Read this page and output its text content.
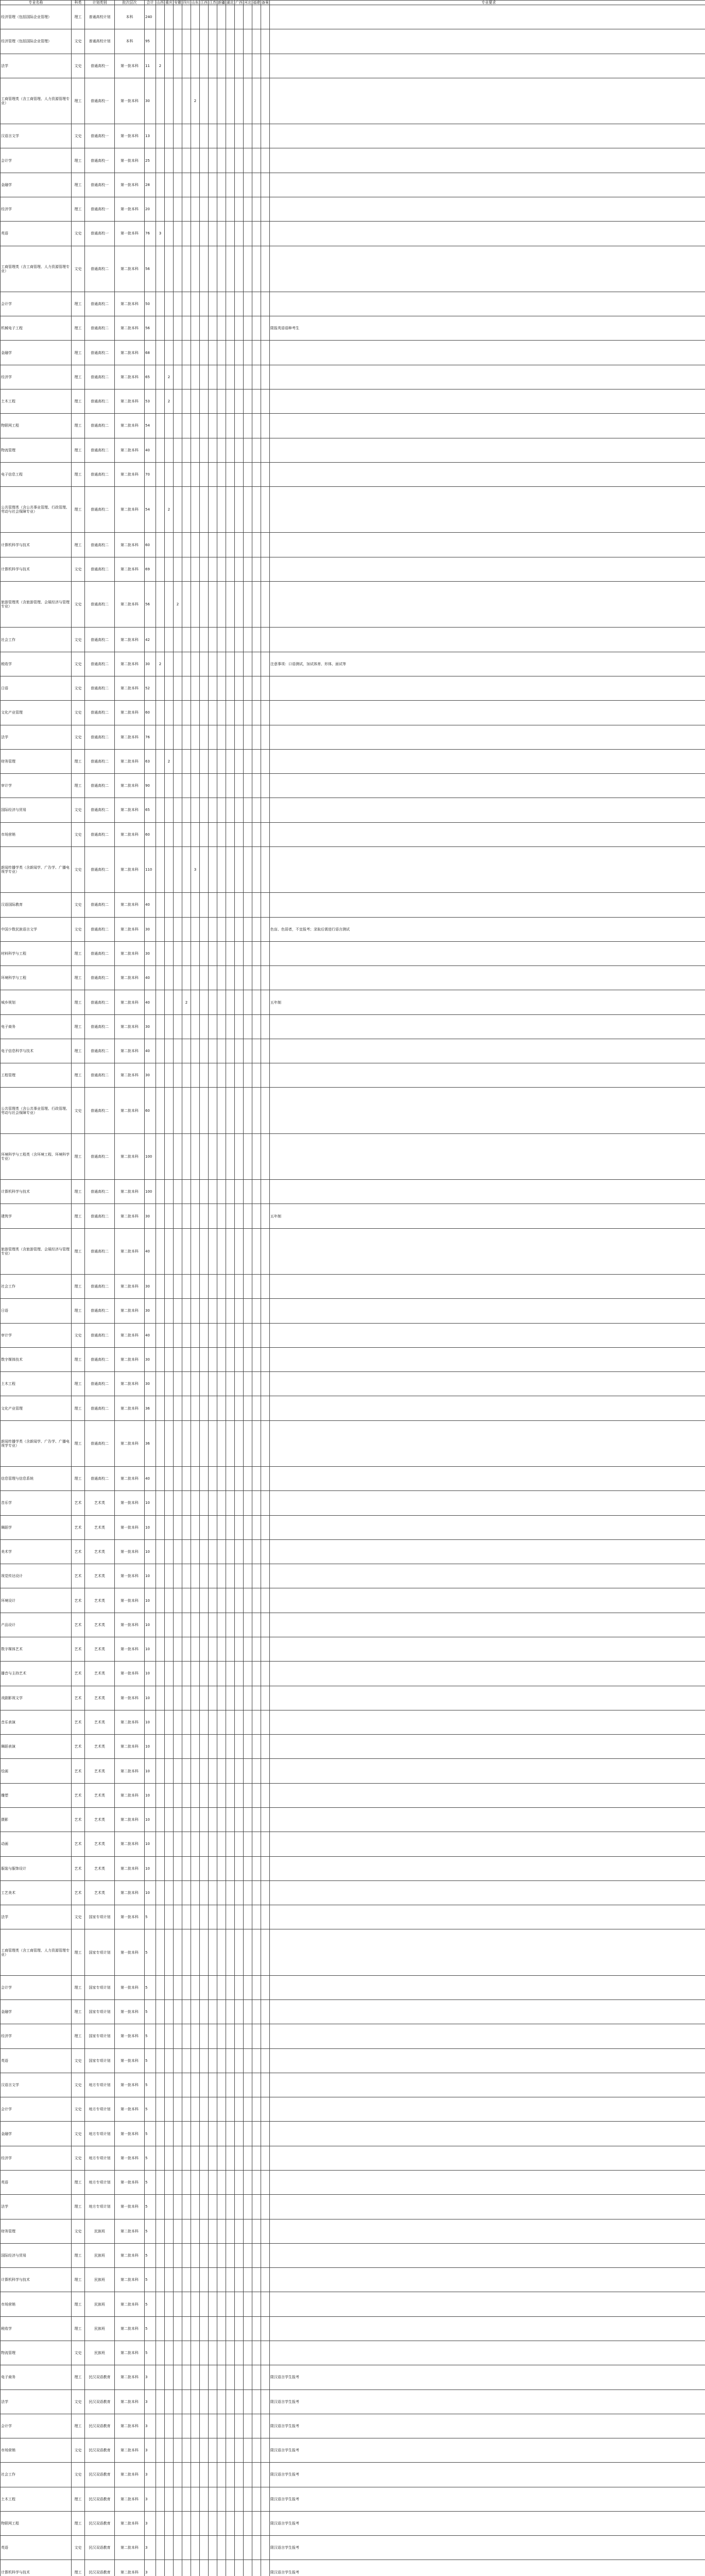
专业名称	科类	计划类别	批次层次	合计	山西	重庆	安徽	四川	山东	江西	江苏	新疆	湖北	广西	河北	福建	备案	专业要求
经济管理（包括国际企业管理）	理工	普通高校计划	本科	240														
经济管理（包括国际企业管理）	文史	普通高校计划	本科	95														
法学	文史	普通高校一	第一批本科	11	2													
工商管理类（含工商管理、人力资源管理专业）	理工	普通高校一	第一批本科	30					2									
汉语言文学	文史	普通高校一	第一批本科	13														
会计学	理工	普通高校一	第一批本科	25														
金融学	理工	普通高校一	第一批本科	28														
经济学	理工	普通高校一	第一批本科	20														
英语	文史	普通高校一	第一批本科	76	3													
工商管理类（含工商管理、人力资源管理专业）	文史	普通高校二	第二批本科	56														
会计学	理工	普通高校二	第二批本科	50														
机械电子工程	理工	普通高校二	第二批本科	56														限报英语语种考生
金融学	理工	普通高校二	第二批本科	68														
经济学	理工	普通高校二	第二批本科	65		2												
土木工程	理工	普通高校二	第二批本科	53		2												
物联网工程	理工	普通高校二	第二批本科	54														
物流管理	理工	普通高校二	第二批本科	40														
电子信息工程	理工	普通高校二	第二批本科	70														
公共管理类（含公共事业管理、行政管理、劳动与社会保障专业）	理工	普通高校二	第二批本科	54		2												
计算机科学与技术	理工	普通高校二	第二批本科	60														
计算机科学与技术	文史	普通高校二	第二批本科	69														
旅游管理类（含旅游管理、会展经济与管理专业）	文史	普通高校二	第二批本科	56			2											
社会工作	文史	普通高校二	第二批本科	42														
税收学	文史	普通高校二	第二批本科	30	2													注意事项：口语测试，加试体育、形体、面试等
日语	文史	普通高校二	第二批本科	52														
文化产业管理	文史	普通高校二	第二批本科	60														
法学	文史	普通高校二	第二批本科	76														
财务管理	理工	普通高校二	第二批本科	63		2												
审计学	理工	普通高校二	第二批本科	90														
国际经济与贸易	文史	普通高校二	第二批本科	65														
市场营销	文史	普通高校二	第二批本科	60														
新闻传播学类（含新闻学、广告学、广播电视学专业）	文史	普通高校二	第二批本科	110					3									
汉语国际教育	文史	普通高校二	第二批本科	40														
中国少数民族语言文学	文史	普通高校二	第二批本科	30														色盲、色弱者，不宜报考；录取后需进行语言测试
材料科学与工程	理工	普通高校二	第二批本科	30														
环境科学与工程	理工	普通高校二	第二批本科	40														
城乡规划	理工	普通高校二	第二批本科	40				2										五年制
电子商务	理工	普通高校二	第二批本科	30														
电子信息科学与技术	理工	普通高校二	第二批本科	40														
工程管理	理工	普通高校二	第二批本科	30														
公共管理类（含公共事业管理、行政管理、劳动与社会保障专业）	文史	普通高校二	第二批本科	60														
环境科学与工程类（含环境工程、环境科学专业）	理工	普通高校二	第二批本科	100														
计算机科学与技术	理工	普通高校二	第二批本科	100														
建筑学	理工	普通高校二	第二批本科	30														五年制
旅游管理类（含旅游管理、会展经济与管理专业）	理工	普通高校二	第二批本科	40														
社会工作	理工	普通高校二	第二批本科	30														
日语	理工	普通高校二	第二批本科	30														
审计学	文史	普通高校二	第二批本科	40														
数字媒体技术	理工	普通高校二	第二批本科	30														
土木工程	理工	普通高校二	第二批本科	30														
文化产业管理	理工	普通高校二	第二批本科	36														
新闻传播学类（含新闻学、广告学、广播电视学专业）	理工	普通高校二	第二批本科	36														
信息管理与信息系统	理工	普通高校二	第二批本科	40														
音乐学	艺术	艺术类	第一批本科	10														
舞蹈学	艺术	艺术类	第一批本科	10														
美术学	艺术	艺术类	第一批本科	10														
视觉传达设计	艺术	艺术类	第一批本科	10														
环境设计	艺术	艺术类	第一批本科	10														
产品设计	艺术	艺术类	第一批本科	10														
数字媒体艺术	艺术	艺术类	第一批本科	10														
播音与主持艺术	艺术	艺术类	第一批本科	10														
戏剧影视文学	艺术	艺术类	第一批本科	10														
音乐表演	艺术	艺术类	第二批本科	10														
舞蹈表演	艺术	艺术类	第二批本科	10														
绘画	艺术	艺术类	第二批本科	10														
雕塑	艺术	艺术类	第二批本科	10														
摄影	艺术	艺术类	第二批本科	10														
动画	艺术	艺术类	第二批本科	10														
服装与服饰设计	艺术	艺术类	第二批本科	10														
工艺美术	艺术	艺术类	第二批本科	10														
法学	文史	国家专项计划	第一批本科	5														
工商管理类（含工商管理、人力资源管理专业）	理工	国家专项计划	第一批本科	5														
会计学	理工	国家专项计划	第一批本科	5														
金融学	理工	国家专项计划	第一批本科	5														
经济学	理工	国家专项计划	第一批本科	5														
英语	文史	国家专项计划	第一批本科	5														
汉语言文学	文史	地方专项计划	第一批本科	5														
会计学	文史	地方专项计划	第一批本科	5														
金融学	文史	地方专项计划	第一批本科	5														
经济学	文史	地方专项计划	第一批本科	5														
英语	理工	地方专项计划	第一批本科	5														
法学	理工	地方专项计划	第一批本科	5														
财务管理	文史	民族班	第二批本科	5														
国际经济与贸易	理工	民族班	第二批本科	5														
计算机科学与技术	理工	民族班	第二批本科	5														
市场营销	理工	民族班	第二批本科	5														
税收学	理工	民族班	第二批本科	5														
物流管理	文史	民族班	第二批本科	5														
电子商务	理工	民汉双语教育	第二批本科	3														限汉语言学生报考
法学	文史	民汉双语教育	第二批本科	3														限汉语言学生报考
会计学	理工	民汉双语教育	第二批本科	3														限汉语言学生报考
市场营销	文史	民汉双语教育	第二批本科	3														限汉语言学生报考
社会工作	文史	民汉双语教育	第二批本科	3														限汉语言学生报考
土木工程	理工	民汉双语教育	第二批本科	3														限汉语言学生报考
物联网工程	理工	民汉双语教育	第二批本科	3														限汉语言学生报考
英语	文史	民汉双语教育	第二批本科	3														限汉语言学生报考
计算机科学与技术	理工	民汉双语教育	第二批本科	3														限汉语言学生报考
